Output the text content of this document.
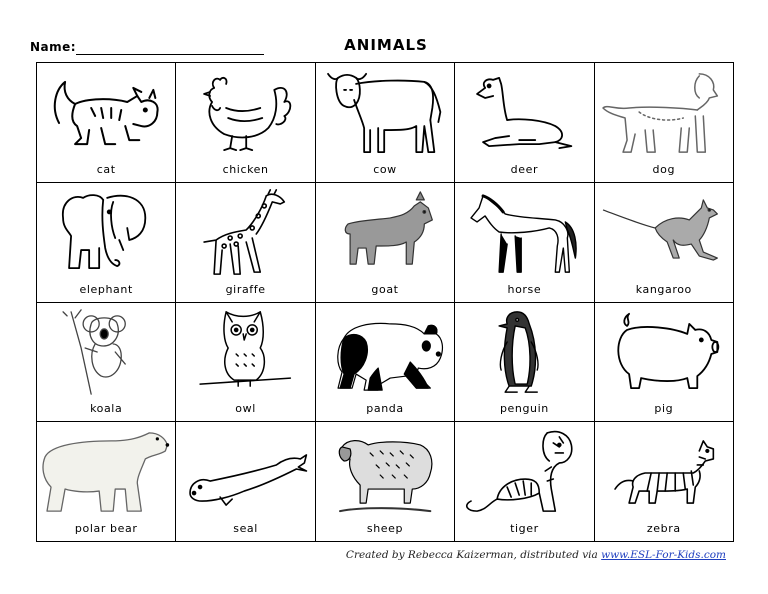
Name:	ANIMALS
cat	chicken	cow	deer	dog
elephant	giraffe	goat	horse	kangaroo
koala	owl	panda	penguin	pig
polar bear	seal	sheep	tiger	zebra
Created by Rebecca Kaizerman, distributed via www.ESL-For-Kids.com
